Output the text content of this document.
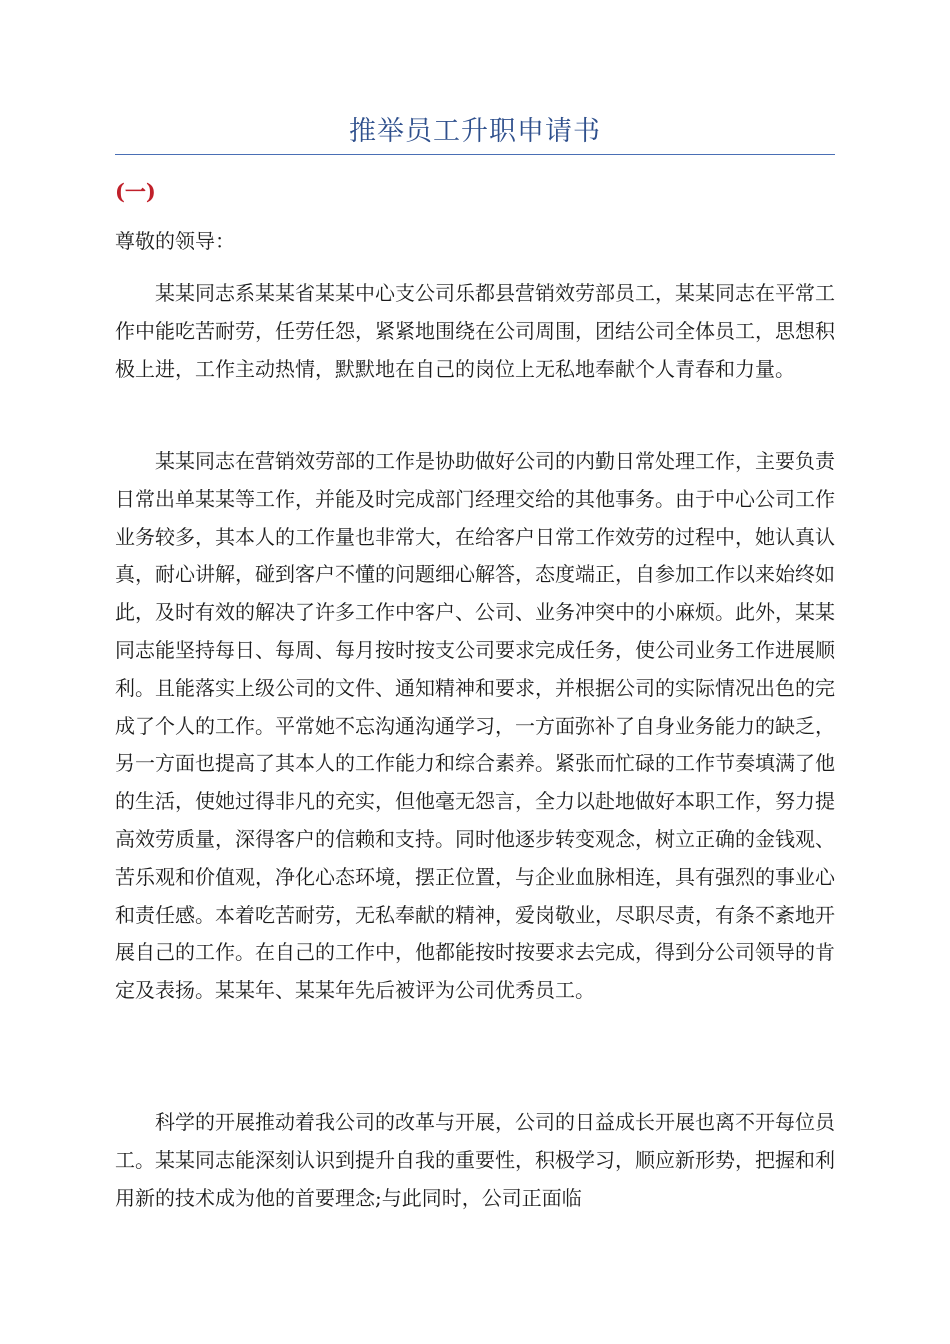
推举员工升职申请书
(一)
尊敬的领导：

某某同志系某某省某某中心支公司乐都县营销效劳部员工，某某同志在平常工作中能吃苦耐劳，任劳任怨，紧紧地围绕在公司周围，团结公司全体员工，思想积极上进，工作主动热情，默默地在自己的岗位上无私地奉献个人青春和力量。

某某同志在营销效劳部的工作是协助做好公司的内勤日常处理工作，主要负责日常出单某某等工作，并能及时完成部门经理交给的其他事务。由于中心公司工作业务较多，其本人的工作量也非常大，在给客户日常工作效劳的过程中，她认真认真，耐心讲解，碰到客户不懂的问题细心解答，态度端正，自参加工作以来始终如此，及时有效的解决了许多工作中客户、公司、业务冲突中的小麻烦。此外，某某同志能坚持每日、每周、每月按时按支公司要求完成任务，使公司业务工作进展顺利。且能落实上级公司的文件、通知精神和要求，并根据公司的实际情况出色的完成了个人的工作。平常她不忘沟通沟通学习，一方面弥补了自身业务能力的缺乏，另一方面也提高了其本人的工作能力和综合素养。紧张而忙碌的工作节奏填满了他的生活，使她过得非凡的充实，但他毫无怨言，全力以赴地做好本职工作，努力提高效劳质量，深得客户的信赖和支持。同时他逐步转变观念，树立正确的金钱观、苦乐观和价值观，净化心态环境，摆正位置，与企业血脉相连，具有强烈的事业心和责任感。本着吃苦耐劳，无私奉献的精神，爱岗敬业，尽职尽责，有条不紊地开展自己的工作。在自己的工作中，他都能按时按要求去完成，得到分公司领导的肯定及表扬。某某年、某某年先后被评为公司优秀员工。

科学的开展推动着我公司的改革与开展，公司的日益成长开展也离不开每位员工。某某同志能深刻认识到提升自我的重要性，积极学习，顺应新形势，把握和利用新的技术成为他的首要理念;与此同时，公司正面临
